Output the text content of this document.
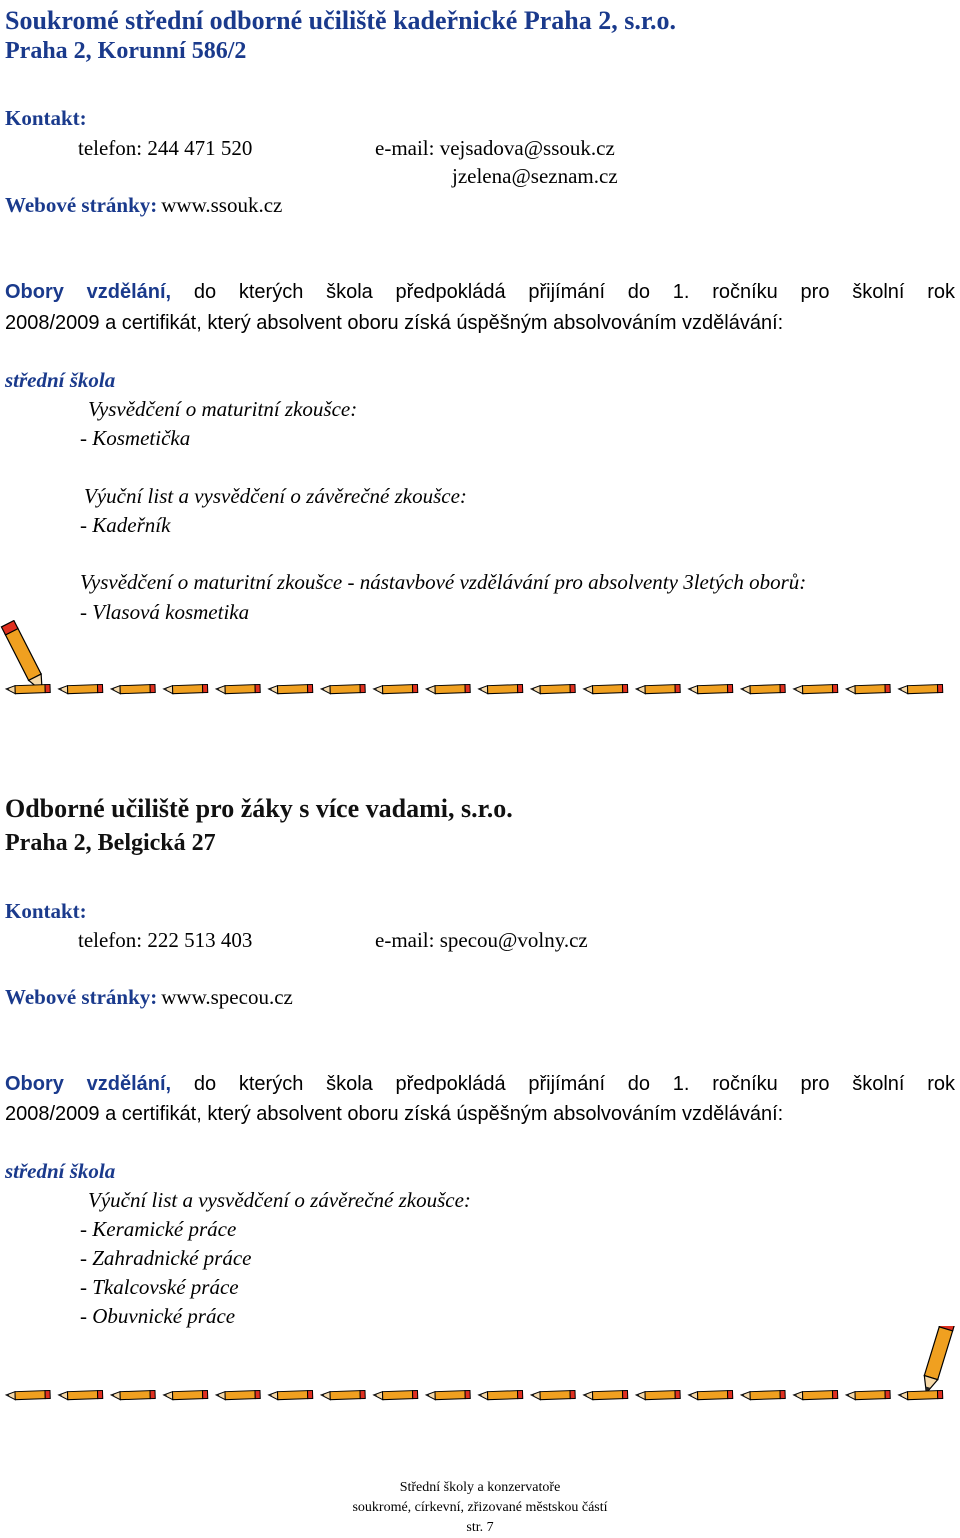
Soukromé střední odborné učiliště kadeřnické Praha 2, s.r.o.
Praha 2, Korunní 586/2
Kontakt:
telefon: 244 471 520	e-mail: vejsadova@ssouk.cz
jzelena@seznam.cz
Webové stránky: www.ssouk.cz
Obory vzdělání, do kterých škola předpokládá přijímání do 1. ročníku pro školní rok
2008/2009 a certifikát, který absolvent oboru získá úspěšným absolvováním vzdělávání:
střední škola
Vysvědčení o maturitní zkoušce:
- Kosmetička
Výuční list a vysvědčení o závěrečné zkoušce:
- Kadeřník
Vysvědčení o maturitní zkoušce - nástavbové vzdělávání pro absolventy 3letých oborů:
- Vlasová kosmetika
Odborné učiliště pro žáky s více vadami, s.r.o.
Praha 2, Belgická 27
Kontakt:
telefon: 222 513 403	e-mail: specou@volny.cz
Webové stránky: www.specou.cz
Obory vzdělání, do kterých škola předpokládá přijímání do 1. ročníku pro školní rok
2008/2009 a certifikát, který absolvent oboru získá úspěšným absolvováním vzdělávání:
střední škola
Výuční list a vysvědčení o závěrečné zkoušce:
- Keramické práce
- Zahradnické práce
- Tkalcovské práce
- Obuvnické práce
Střední školy a konzervatoře
soukromé, církevní, zřizované městskou částí
str. 7
